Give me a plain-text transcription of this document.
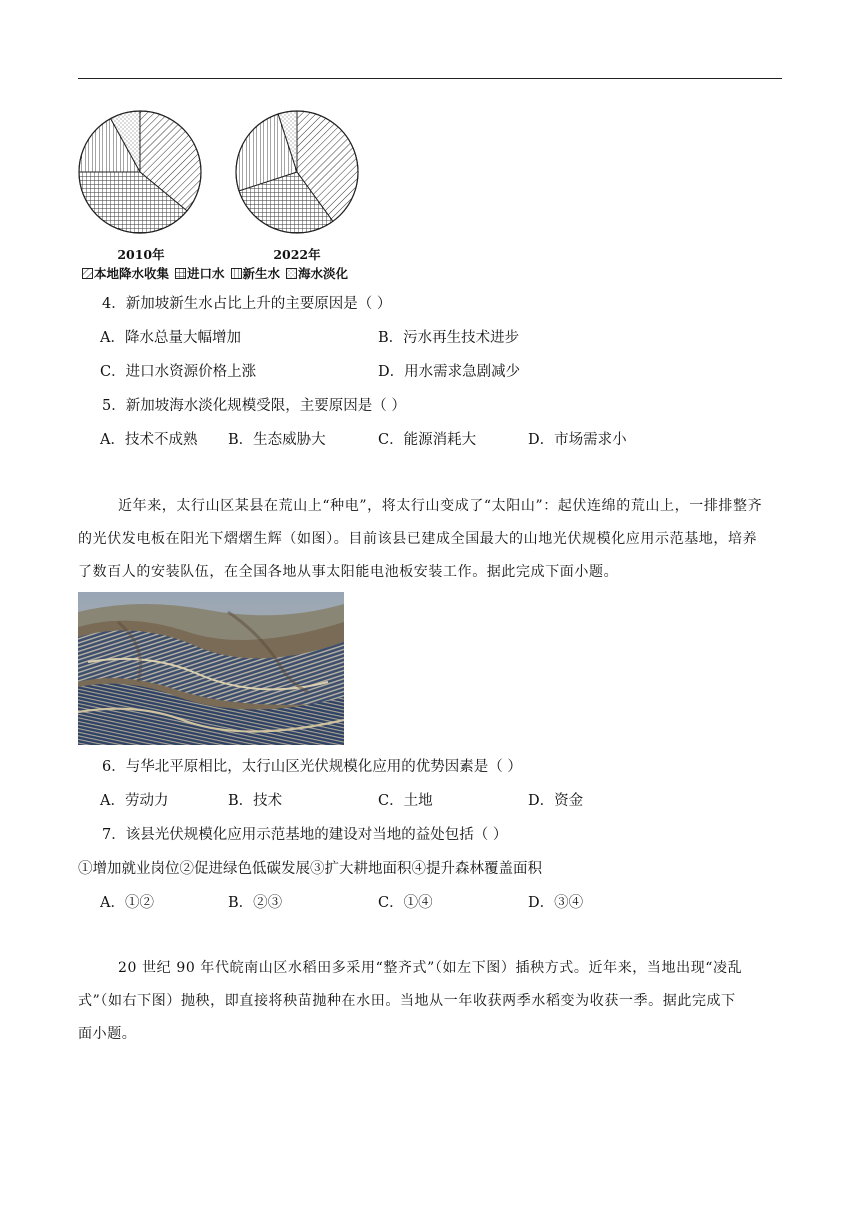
2010年	2022年
本地降水收集 进口水 新生水 海水淡化
4．新加坡新生水占比上升的主要原因是（ ）
A．降水总量大幅增加	B．污水再生技术进步
C．进口水资源价格上涨	D．用水需求急剧减少
5．新加坡海水淡化规模受限，主要原因是（ ）
A．技术不成熟 B．生态威胁大	C．能源消耗大	D．市场需求小
近年来，太行山区某县在荒山上“种电”，将太行山变成了“太阳山”：起伏连绵的荒山上，一排排整齐
的光伏发电板在阳光下熠熠生辉（如图）。目前该县已建成全国最大的山地光伏规模化应用示范基地，培养
了数百人的安装队伍，在全国各地从事太阳能电池板安装工作。据此完成下面小题。
6．与华北平原相比，太行山区光伏规模化应用的优势因素是（ ）
A．劳动力	B．技术	C．土地	D．资金
7．该县光伏规模化应用示范基地的建设对当地的益处包括（ ）
①增加就业岗位②促进绿色低碳发展③扩大耕地面积④提升森林覆盖面积
A．①②	B．②③	C．①④	D．③④
20 世纪 90 年代皖南山区水稻田多采用“整齐式”（如左下图）插秧方式。近年来，当地出现“凌乱
式”（如右下图）抛秧，即直接将秧苗抛种在水田。当地从一年收获两季水稻变为收获一季。据此完成下
面小题。
